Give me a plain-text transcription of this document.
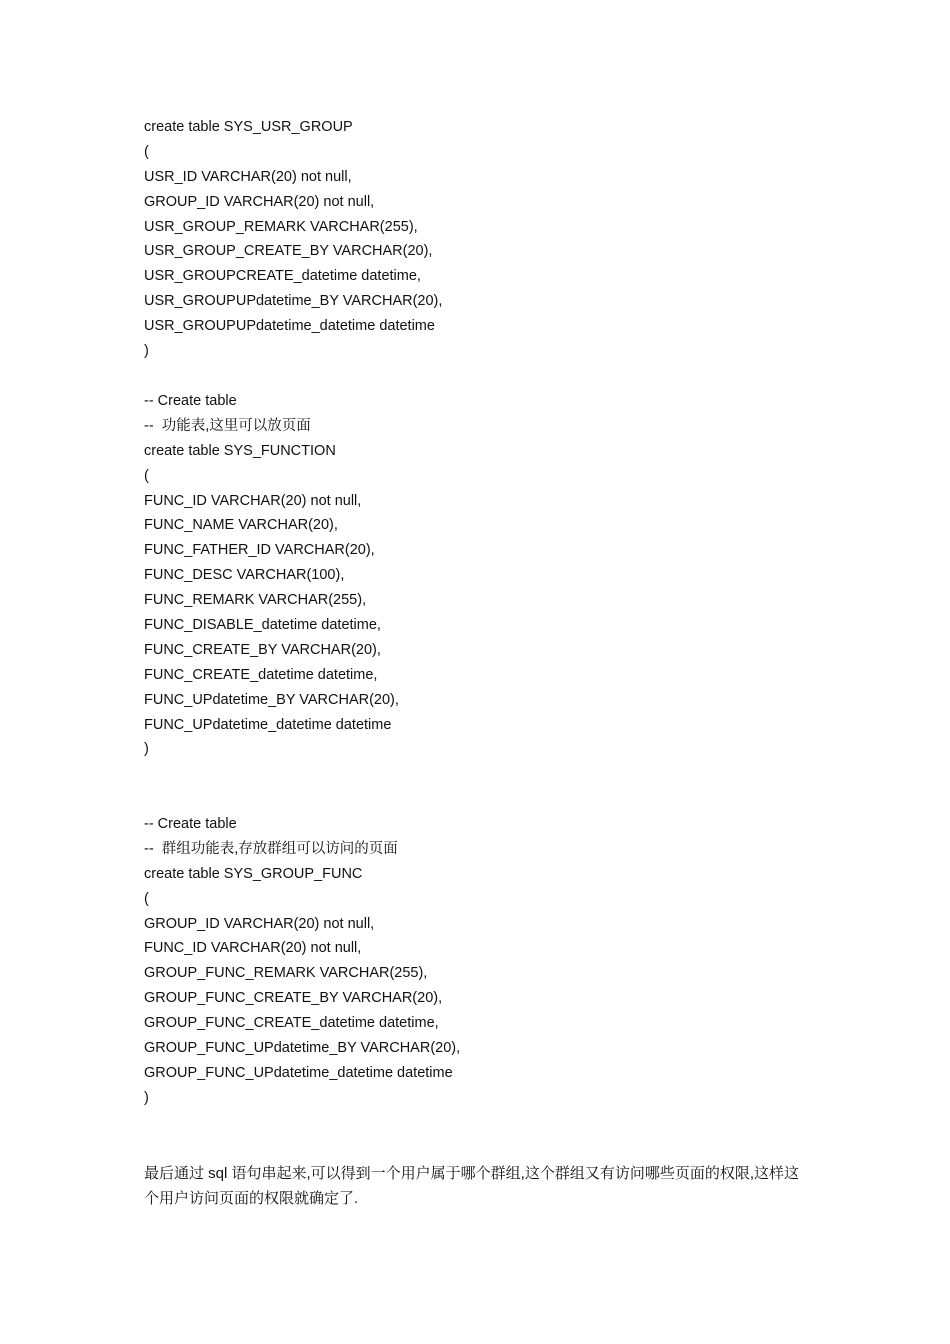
create table SYS_USR_GROUP
(
USR_ID VARCHAR(20) not null,
GROUP_ID VARCHAR(20) not null,
USR_GROUP_REMARK VARCHAR(255),
USR_GROUP_CREATE_BY VARCHAR(20),
USR_GROUPCREATE_datetime datetime,
USR_GROUPUPdatetime_BY VARCHAR(20),
USR_GROUPUPdatetime_datetime datetime
)
-- Create table
--  功能表,这里可以放页面
create table SYS_FUNCTION
(
FUNC_ID VARCHAR(20) not null,
FUNC_NAME VARCHAR(20),
FUNC_FATHER_ID VARCHAR(20),
FUNC_DESC VARCHAR(100),
FUNC_REMARK VARCHAR(255),
FUNC_DISABLE_datetime datetime,
FUNC_CREATE_BY VARCHAR(20),
FUNC_CREATE_datetime datetime,
FUNC_UPdatetime_BY VARCHAR(20),
FUNC_UPdatetime_datetime datetime
)
-- Create table
--  群组功能表,存放群组可以访问的页面
create table SYS_GROUP_FUNC
(
GROUP_ID VARCHAR(20) not null,
FUNC_ID VARCHAR(20) not null,
GROUP_FUNC_REMARK VARCHAR(255),
GROUP_FUNC_CREATE_BY VARCHAR(20),
GROUP_FUNC_CREATE_datetime datetime,
GROUP_FUNC_UPdatetime_BY VARCHAR(20),
GROUP_FUNC_UPdatetime_datetime datetime
)
最后通过 sql 语句串起来,可以得到一个用户属于哪个群组,这个群组又有访问哪些页面的权限,这样这个用户访问页面的权限就确定了.
